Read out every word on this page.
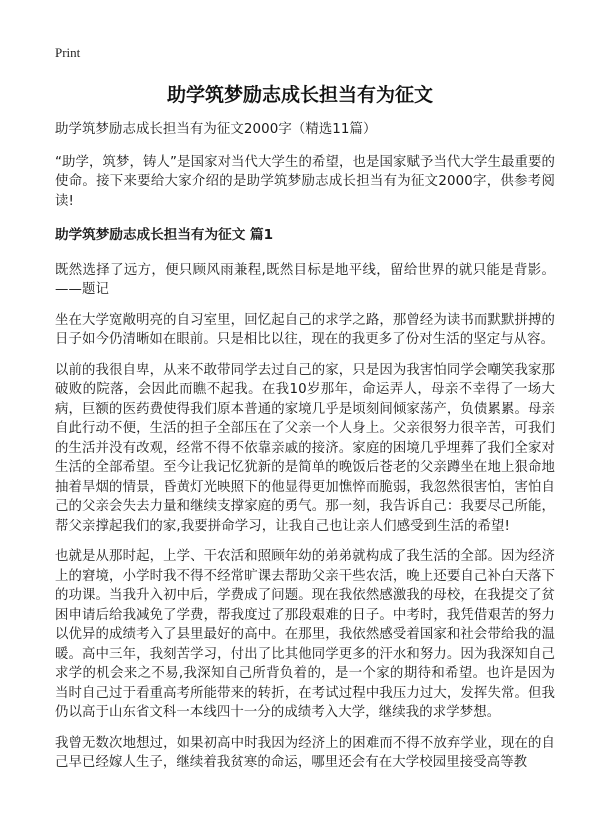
Print
助学筑梦励志成长担当有为征文

助学筑梦励志成长担当有为征文2000字（精选11篇）

“助学，筑梦，铸人”是国家对当代大学生的希望，也是国家赋予当代大学生最重要的使命。接下来要给大家介绍的是助学筑梦励志成长担当有为征文2000字，供参考阅读!

助学筑梦励志成长担当有为征文 篇1

既然选择了远方，便只顾风雨兼程,既然目标是地平线，留给世界的就只能是背影。——题记

坐在大学宽敞明亮的自习室里，回忆起自己的求学之路，那曾经为读书而默默拼搏的日子如今仍清晰如在眼前。只是相比以往，现在的我更多了份对生活的坚定与从容。

以前的我很自卑，从来不敢带同学去过自己的家，只是因为我害怕同学会嘲笑我家那破败的院落，会因此而瞧不起我。在我10岁那年，命运弄人，母亲不幸得了一场大病，巨额的医药费使得我们原本普通的家境几乎是顷刻间倾家荡产，负债累累。母亲自此行动不便，生活的担子全部压在了父亲一个人身上。父亲很努力很辛苦，可我们的生活并没有改观，经常不得不依靠亲戚的接济。家庭的困境几乎埋葬了我们全家对生活的全部希望。至今让我记忆犹新的是简单的晚饭后苍老的父亲蹲坐在地上狠命地抽着旱烟的情景，昏黄灯光映照下的他显得更加憔悴而脆弱，我忽然很害怕，害怕自己的父亲会失去力量和继续支撑家庭的勇气。那一刻，我告诉自己：我要尽己所能，帮父亲撑起我们的家,我要拼命学习，让我自己也让亲人们感受到生活的希望!

也就是从那时起，上学、干农活和照顾年幼的弟弟就构成了我生活的全部。因为经济上的窘境，小学时我不得不经常旷课去帮助父亲干些农活，晚上还要自己补白天落下的功课。当我升入初中后，学费成了问题。现在我依然感激我的母校，在我提交了贫困申请后给我减免了学费，帮我度过了那段艰难的日子。中考时，我凭借艰苦的努力以优异的成绩考入了县里最好的高中。在那里，我依然感受着国家和社会带给我的温暖。高中三年，我刻苦学习，付出了比其他同学更多的汗水和努力。因为我深知自己求学的机会来之不易,我深知自己所背负着的，是一个家的期待和希望。也许是因为当时自己过于看重高考所能带来的转折，在考试过程中我压力过大，发挥失常。但我仍以高于山东省文科一本线四十一分的成绩考入大学，继续我的求学梦想。

我曾无数次地想过，如果初高中时我因为经济上的困难而不得不放弃学业，现在的自己早已经嫁人生子，继续着我贫寒的命运，哪里还会有在大学校园里接受高等教
